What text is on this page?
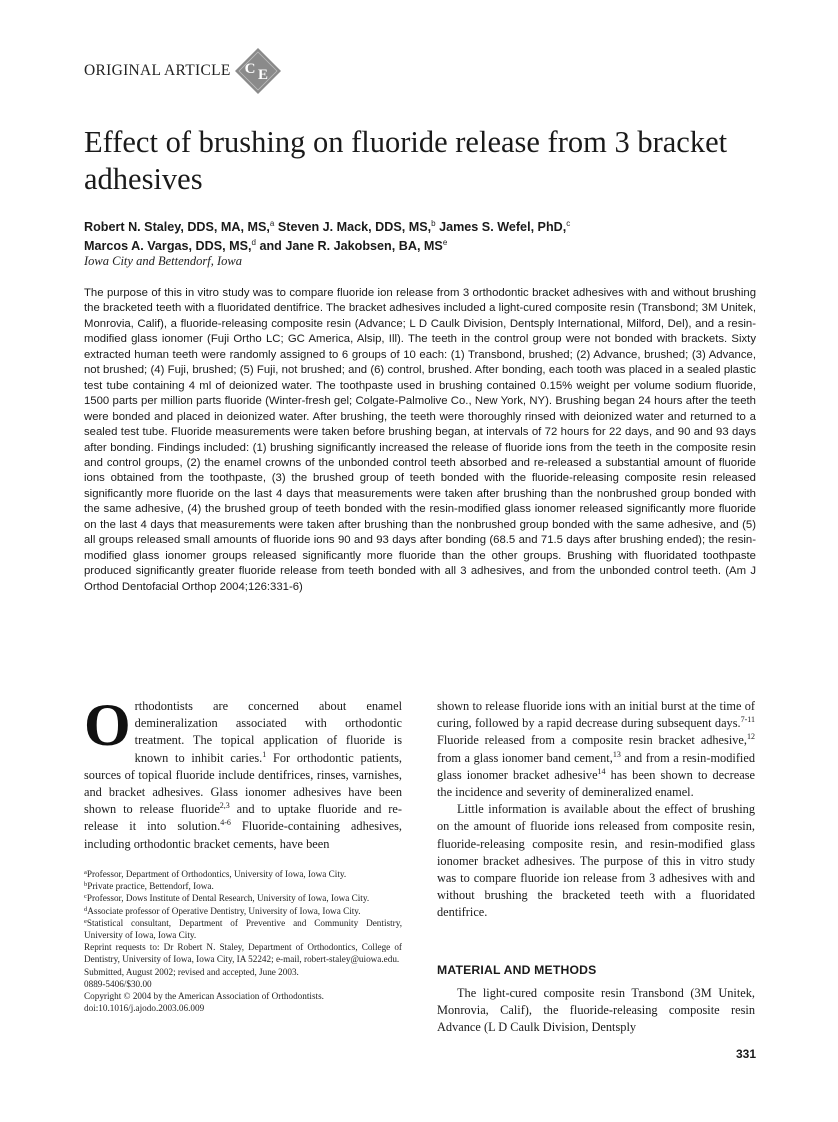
ORIGINAL ARTICLE C E
Effect of brushing on fluoride release from 3 bracket adhesives
Robert N. Staley, DDS, MA, MS,$^a$ Steven J. Mack, DDS, MS,$^b$ James S. Wefel, PhD,$^c$
Marcos A. Vargas, DDS, MS,$^d$ and Jane R. Jakobsen, BA, $MS^e$
Iowa City and Bettendorf, Iowa

The purpose of this in vitro study was to compare fluoride ion release from 3 orthodontic bracket adhesives with and without brushing the bracketed teeth with a fluoridated dentifrice. The bracket adhesives included a light-cured composite resin (Transbond; 3M Unitek, Monrovia, Calif), a fluoride-releasing composite resin (Advance; L D Caulk Division, Dentsply International, Milford, Del), and a resin-modified glass ionomer (Fuji Ortho LC; GC America, Alsip, Ill). The teeth in the control group were not bonded with brackets. Sixty extracted human teeth were randomly assigned to 6 groups of 10 each: (1) Transbond, brushed; (2) Advance, brushed; (3) Advance, not brushed; (4) Fuji, brushed; (5) Fuji, not brushed; and (6) control, brushed. After bonding, each tooth was placed in a sealed plastic test tube containing 4 ml of deionized water. The toothpaste used in brushing contained 0.15% weight per volume sodium fluoride, 1500 parts per million parts fluoride (Winter-fresh gel; Colgate-Palmolive Co., New York, NY). Brushing began 24 hours after the teeth were bonded and placed in deionized water. After brushing, the teeth were thoroughly rinsed with deionized water and returned to a sealed test tube. Fluoride measurements were taken before brushing began, at intervals of 72 hours for 22 days, and 90 and 93 days after bonding. Findings included: (1) brushing significantly increased the release of fluoride ions from the teeth in the composite resin and control groups, (2) the enamel crowns of the unbonded control teeth absorbed and re-released a substantial amount of fluoride ions obtained from the toothpaste, (3) the brushed group of teeth bonded with the fluoride-releasing composite resin released significantly more fluoride on the last 4 days that measurements were taken after brushing than the nonbrushed group bonded with the same adhesive, (4) the brushed group of teeth bonded with the resin-modified glass ionomer released significantly more fluoride on the last 4 days that measurements were taken after brushing than the nonbrushed group bonded with the same adhesive, and (5) all groups released small amounts of fluoride ions 90 and 93 days after bonding (68.5 and 71.5 days after brushing ended); the resin-modified glass ionomer groups released significantly more fluoride than the other groups. Brushing with fluoridated toothpaste produced significantly greater fluoride release from teeth bonded with all 3 adhesives, and from the unbonded control teeth. (Am J Orthod Dentofacial Orthop 2004;126:331-6)

Orthodontists are concerned about enamel demineralization associated with orthodontic treatment. The topical application of fluoride is known to inhibit caries.$^1$ For orthodontic patients, sources of topical fluoride include dentifrices, rinses, varnishes, and bracket adhesives. Glass ionomer adhesives have been shown to release fluoride$^{2,3}$ and to uptake fluoride and re-release it into solution.$^{4-6}$ Fluoride-containing adhesives, including orthodontic bracket cements, have been

$^a$Professor, Department of Orthodontics, University of Iowa, Iowa City.
$^b$Private practice, Bettendorf, Iowa.
$^c$Professor, Dows Institute of Dental Research, University of Iowa, Iowa City.
$^d$Associate professor of Operative Dentistry, University of Iowa, Iowa City.
$^e$Statistical consultant, Department of Preventive and Community Dentistry, University of Iowa, Iowa City.
Reprint requests to: Dr Robert N. Staley, Department of Orthodontics, College of Dentistry, University of Iowa, Iowa City, IA 52242; e-mail, robert-staley@uiowa.edu.
Submitted, August 2002; revised and accepted, June 2003.
0889-5406/$30.00
Copyright © 2004 by the American Association of Orthodontists.
doi:10.1016/j.ajodo.2003.06.009

shown to release fluoride ions with an initial burst at the time of curing, followed by a rapid decrease during subsequent days.$^{7-11}$ Fluoride released from a composite resin bracket adhesive,$^{12}$ from a glass ionomer band cement,$^{13}$ and from a resin-modified glass ionomer bracket adhesive$^{14}$ has been shown to decrease the incidence and severity of demineralized enamel.

Little information is available about the effect of brushing on the amount of fluoride ions released from composite resin, fluoride-releasing composite resin, and resin-modified glass ionomer bracket adhesives. The purpose of this in vitro study was to compare fluoride ion release from 3 adhesives with and without brushing the bracketed teeth with a fluoridated dentifrice.

MATERIAL AND METHODS

The light-cured composite resin Transbond (3M Unitek, Monrovia, Calif), the fluoride-releasing composite resin Advance (L D Caulk Division, Dentsply

331
